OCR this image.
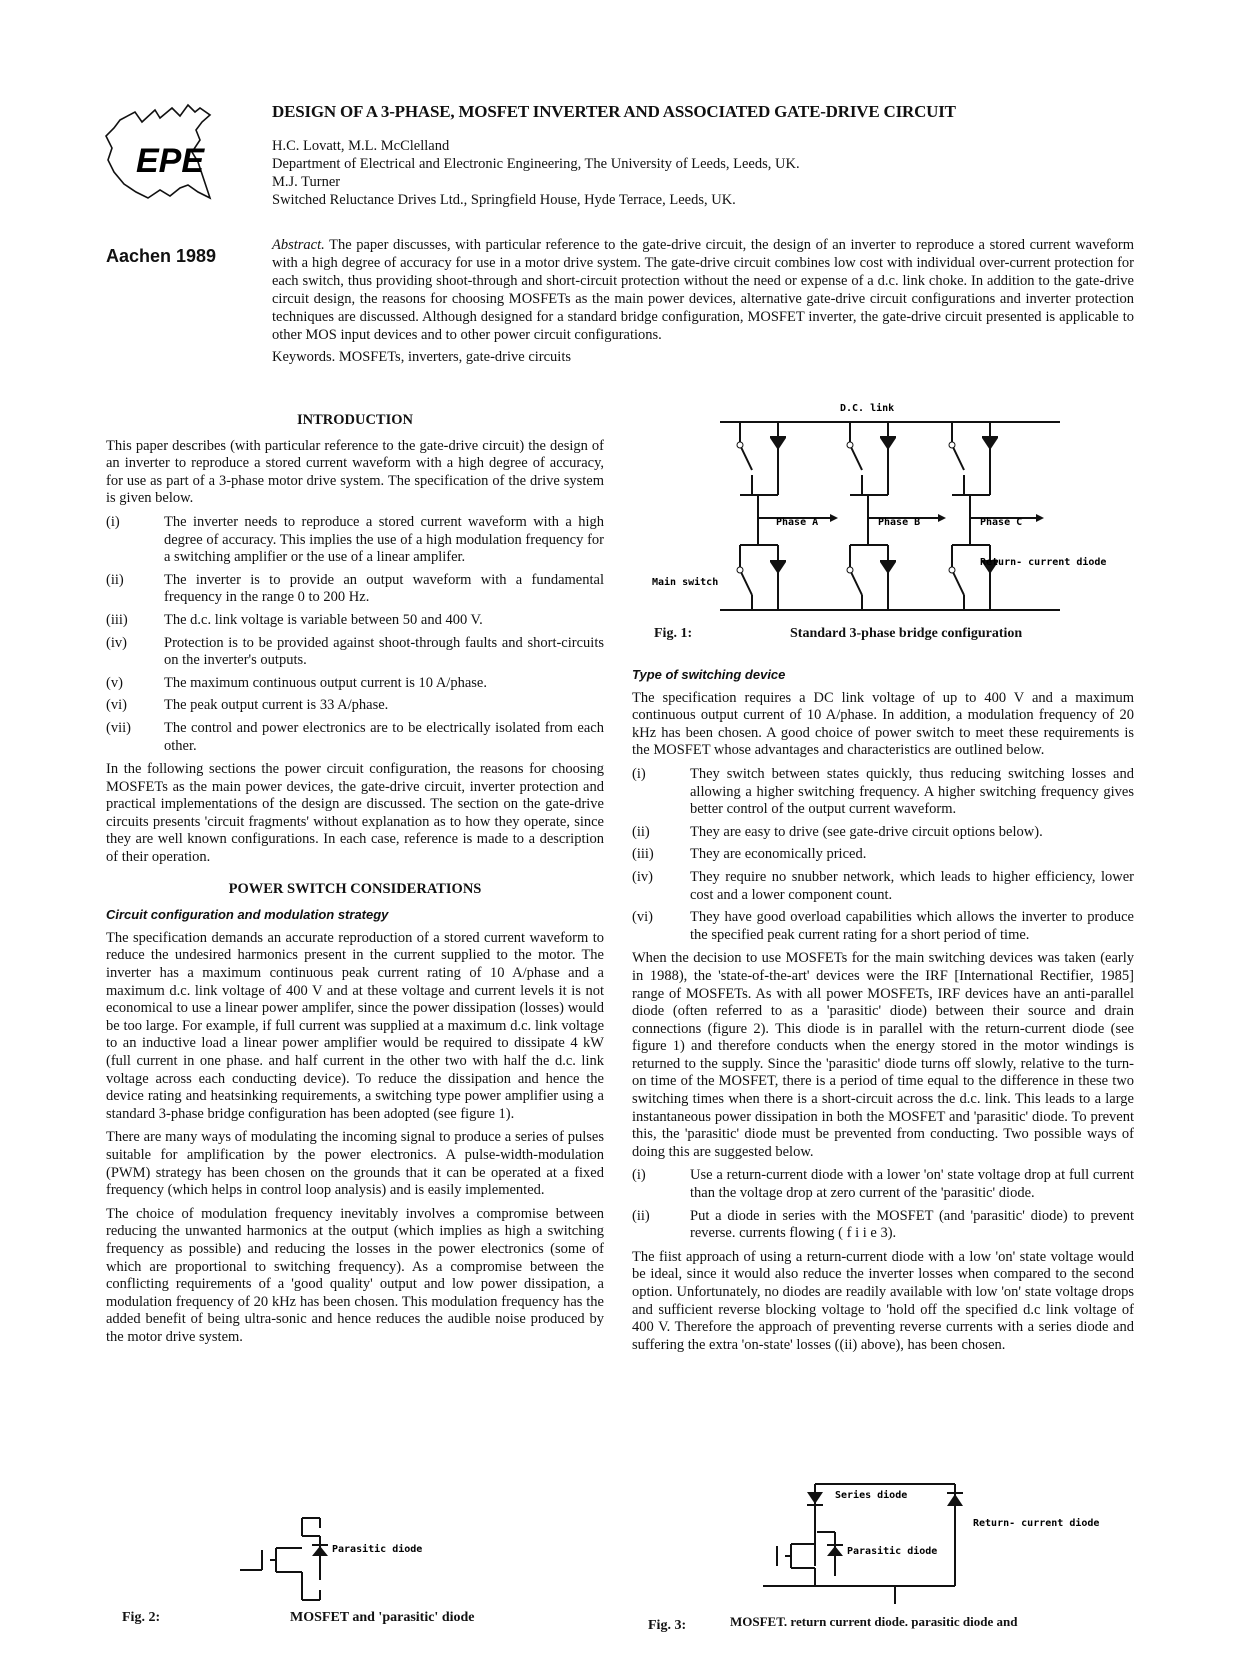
EPE
DESIGN OF A 3-PHASE, MOSFET INVERTER AND ASSOCIATED GATE-DRIVE CIRCUIT
H.C. Lovatt, M.L. McClelland
Department of Electrical and Electronic Engineering, The University of Leeds, Leeds, UK.
M.J. Turner
Switched Reluctance Drives Ltd., Springfield House, Hyde Terrace, Leeds, UK.
Aachen 1989
Abstract. The paper discusses, with particular reference to the gate-drive circuit, the design of an inverter to reproduce a stored current waveform with a high degree of accuracy for use in a motor drive system. The gate-drive circuit combines low cost with individual over-current protection for each switch, thus providing shoot-through and short-circuit protection without the need or expense of a d.c. link choke. In addition to the gate-drive circuit design, the reasons for choosing MOSFETs as the main power devices, alternative gate-drive circuit configurations and inverter protection techniques are discussed. Although designed for a standard bridge configuration, MOSFET inverter, the gate-drive circuit presented is applicable to other MOS input devices and to other power circuit configurations.
Keywords. MOSFETs, inverters, gate-drive circuits
INTRODUCTION

This paper describes (with particular reference to the gate-drive circuit) the design of an inverter to reproduce a stored current waveform with a high degree of accuracy, for use as part of a 3-phase motor drive system. The specification of the drive system is given below.

(i)	The inverter needs to reproduce a stored current waveform with a high degree of accuracy. This implies the use of a high modulation frequency for a switching amplifier or the use of a linear amplifer.
(ii)	The inverter is to provide an output waveform with a fundamental frequency in the range 0 to 200 Hz.
(iii)	The d.c. link voltage is variable between 50 and 400 V.
(iv)	Protection is to be provided against shoot-through faults and short-circuits on the inverter's outputs.
(v)	The maximum continuous output current is 10 A/phase.
(vi)	The peak output current is 33 A/phase.
(vii)	The control and power electronics are to be electrically isolated from each other.

In the following sections the power circuit configuration, the reasons for choosing MOSFETs as the main power devices, the gate-drive circuit, inverter protection and practical implementations of the design are discussed. The section on the gate-drive circuits presents 'circuit fragments' without explanation as to how they operate, since they are well known configurations. In each case, reference is made to a description of their operation.

POWER SWITCH CONSIDERATIONS
Circuit configuration and modulation strategy

The specification demands an accurate reproduction of a stored current waveform to reduce the undesired harmonics present in the current supplied to the motor. The inverter has a maximum continuous peak current rating of 10 A/phase and a maximum d.c. link voltage of 400 V and at these voltage and current levels it is not economical to use a linear power amplifer, since the power dissipation (losses) would be too large. For example, if full current was supplied at a maximum d.c. link voltage to an inductive load a linear power amplifier would be required to dissipate 4 kW (full current in one phase. and half current in the other two with half the d.c. link voltage across each conducting device). To reduce the dissipation and hence the device rating and heatsinking requirements, a switching type power amplifier using a standard 3-phase bridge configuration has been adopted (see figure 1).

There are many ways of modulating the incoming signal to produce a series of pulses suitable for amplification by the power electronics. A pulse-width-modulation (PWM) strategy has been chosen on the grounds that it can be operated at a fixed frequency (which helps in control loop analysis) and is easily implemented.

The choice of modulation frequency inevitably involves a compromise between reducing the unwanted harmonics at the output (which implies as high a switching frequency as possible) and reducing the losses in the power electronics (some of which are proportional to switching frequency). As a compromise between the conflicting requirements of a 'good quality' output and low power dissipation, a modulation frequency of 20 kHz has been chosen. This modulation frequency has the added benefit of being ultra-sonic and hence reduces the audible noise produced by the motor drive system.

D.C. link
Phase A	Phase B	Phase C
Main switch
Return- current diode
Fig. 1:	Standard 3-phase bridge configuration
Type of switching device

The specification requires a DC link voltage of up to 400 V and a maximum continuous output current of 10 A/phase. In addition, a modulation frequency of 20 kHz has been chosen. A good choice of power switch to meet these requirements is the MOSFET whose advantages and characteristics are outlined below.

(i)	They switch between states quickly, thus reducing switching losses and allowing a higher switching frequency. A higher switching frequency gives better control of the output current waveform.
(ii)	They are easy to drive (see gate-drive circuit options below).
(iii)	They are economically priced.
(iv)	They require no snubber network, which leads to higher efficiency, lower cost and a lower component count.
(vi)	They have good overload capabilities which allows the inverter to produce the specified peak current rating for a short period of time.

When the decision to use MOSFETs for the main switching devices was taken (early in 1988), the 'state-of-the-art' devices were the IRF [International Rectifier, 1985] range of MOSFETs. As with all power MOSFETs, IRF devices have an anti-parallel diode (often referred to as a 'parasitic' diode) between their source and drain connections (figure 2). This diode is in parallel with the return-current diode (see figure 1) and therefore conducts when the energy stored in the motor windings is returned to the supply. Since the 'parasitic' diode turns off slowly, relative to the turn-on time of the MOSFET, there is a period of time equal to the difference in these two switching times when there is a short-circuit across the d.c. link. This leads to a large instantaneous power dissipation in both the MOSFET and 'parasitic' diode. To prevent this, the 'parasitic' diode must be prevented from conducting. Two possible ways of doing this are suggested below.

(i)	Use a return-current diode with a lower 'on' state voltage drop at full current than the voltage drop at zero current of the 'parasitic' diode.
(ii)	Put a diode in series with the MOSFET (and 'parasitic' diode) to prevent reverse. currents flowing ( f i i e 3).

The fiist approach of using a return-current diode with a low 'on' state voltage would be ideal, since it would also reduce the inverter losses when compared to the second option. Unfortunately, no diodes are readily available with low 'on' state voltage drops and sufficient reverse blocking voltage to 'hold off the specified d.c link voltage of 400 V. Therefore the approach of preventing reverse currents with a series diode and suffering the extra 'on-state' losses ((ii) above), has been chosen.

Parasitic diode
Fig. 2:	MOSFET and 'parasitic' diode
Series diode
Parasitic diode
Return- current diode
Fig. 3:	MOSFET. return current diode. parasitic diode and
